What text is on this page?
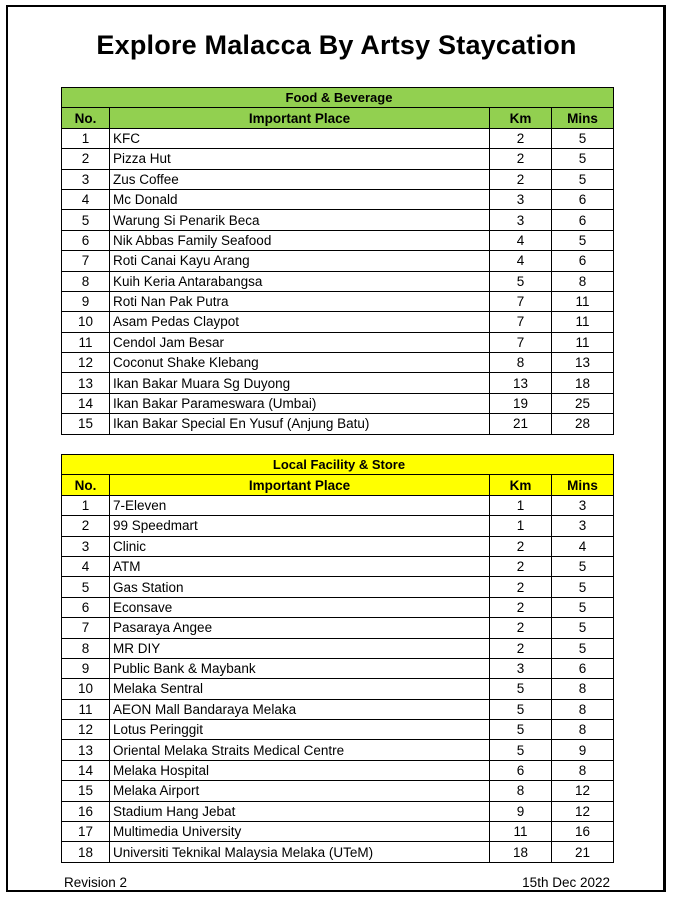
Explore Malacca By Artsy Staycation
Food & Beverage			
No.	Important Place	Km	Mins
1	KFC	2	5
2	Pizza Hut	2	5
3	Zus Coffee	2	5
4	Mc Donald	3	6
5	Warung Si Penarik Beca	3	6
6	Nik Abbas Family Seafood	4	5
7	Roti Canai Kayu Arang	4	6
8	Kuih Keria Antarabangsa	5	8
9	Roti Nan Pak Putra	7	11
10	Asam Pedas Claypot	7	11
11	Cendol Jam Besar	7	11
12	Coconut Shake Klebang	8	13
13	Ikan Bakar Muara Sg Duyong	13	18
14	Ikan Bakar Parameswara (Umbai)	19	25
15	Ikan Bakar Special En Yusuf (Anjung Batu)	21	28
Local Facility & Store			
No.	Important Place	Km	Mins
1	7-Eleven	1	3
2	99 Speedmart	1	3
3	Clinic	2	4
4	ATM	2	5
5	Gas Station	2	5
6	Econsave	2	5
7	Pasaraya Angee	2	5
8	MR DIY	2	5
9	Public Bank & Maybank	3	6
10	Melaka Sentral	5	8
11	AEON Mall Bandaraya Melaka	5	8
12	Lotus Peringgit	5	8
13	Oriental Melaka Straits Medical Centre	5	9
14	Melaka Hospital	6	8
15	Melaka Airport	8	12
16	Stadium Hang Jebat	9	12
17	Multimedia University	11	16
18	Universiti Teknikal Malaysia Melaka (UTeM)	18	21
Revision 2	15th Dec 2022
